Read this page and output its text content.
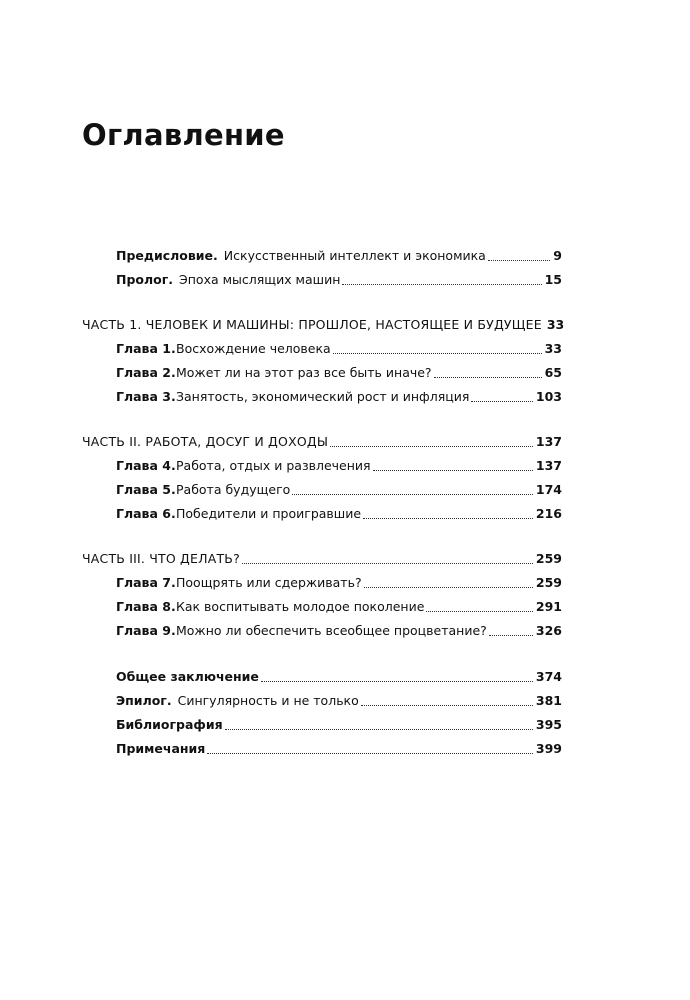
Оглавление
Предисловие. Искусственный интеллект и экономика	9
Пролог. Эпоха мыслящих машин	15
ЧАСТЬ 1. ЧЕЛОВЕК И МАШИНЫ: ПРОШЛОЕ, НАСТОЯЩЕЕ И БУДУЩЕЕ 33
Глава 1. Восхождение человека	33
Глава 2. Может ли на этот раз все быть иначе?	65
Глава 3. Занятость, экономический рост и инфляция	103
ЧАСТЬ II. РАБОТА, ДОСУГ И ДОХОДЫ	137
Глава 4. Работа, отдых и развлечения	137
Глава 5. Работа будущего	174
Глава 6. Победители и проигравшие	216
ЧАСТЬ III. ЧТО ДЕЛАТЬ?	259
Глава 7. Поощрять или сдерживать?	259
Глава 8. Как воспитывать молодое поколение	291
Глава 9. Можно ли обеспечить всеобщее процветание?	326
Общее заключение	374
Эпилог. Сингулярность и не только	381
Библиография	395
Примечания	399
